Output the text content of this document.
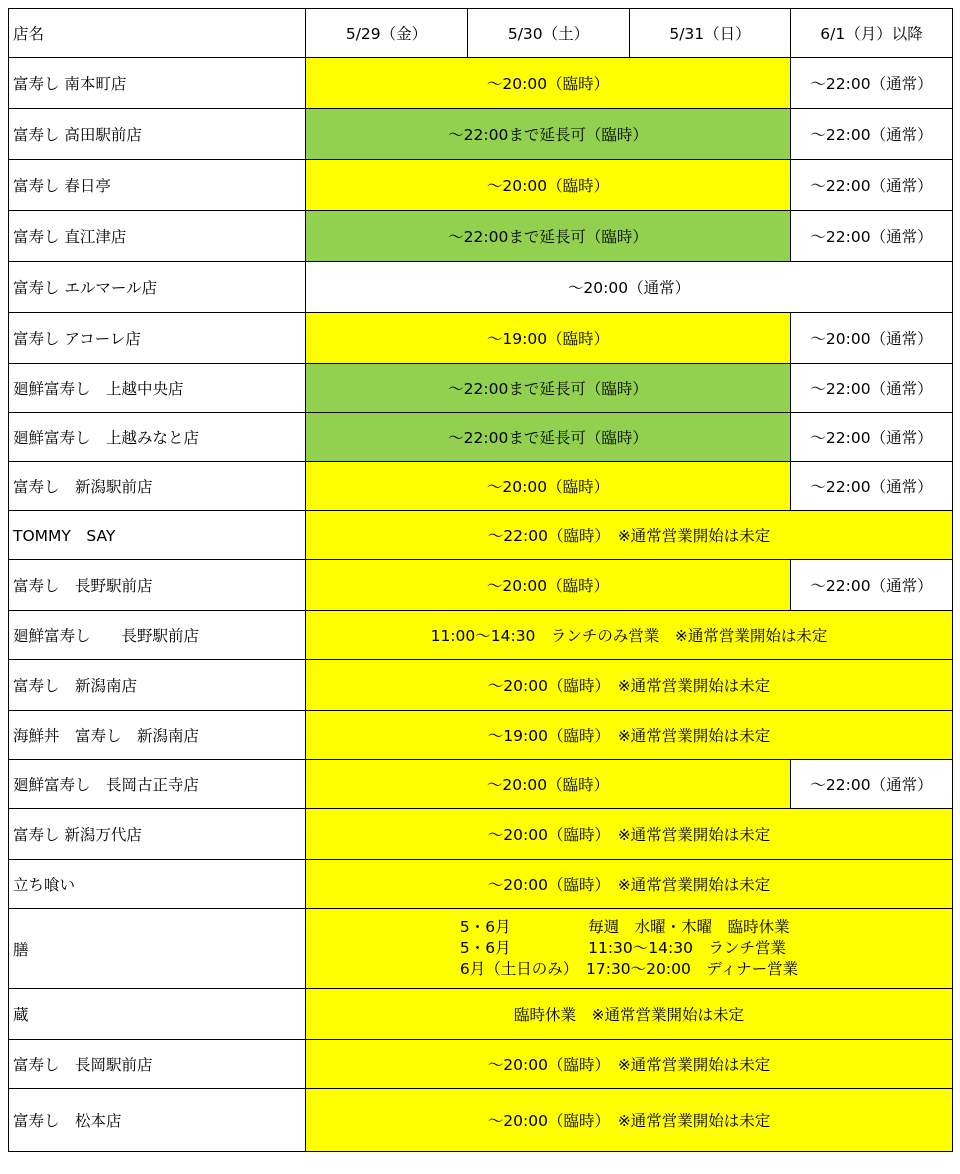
店名	5/29（金）	5/30（土）	5/31（日）	6/1（月）以降
富寿し 南本町店	～20:00（臨時）			～22:00（通常）
富寿し 高田駅前店	～22:00まで延長可（臨時）			～22:00（通常）
富寿し 春日亭	～20:00（臨時）			～22:00（通常）
富寿し 直江津店	～22:00まで延長可（臨時）			～22:00（通常）
富寿し エルマール店	～20:00（通常）			
富寿し アコーレ店	～19:00（臨時）			～20:00（通常）
廻鮮富寿し　上越中央店	～22:00まで延長可（臨時）			～22:00（通常）
廻鮮富寿し　上越みなと店	～22:00まで延長可（臨時）			～22:00（通常）
富寿し　新潟駅前店	～20:00（臨時）			～22:00（通常）
TOMMY　SAY	～22:00（臨時）　※通常営業開始は未定			
富寿し　長野駅前店	～20:00（臨時）			～22:00（通常）
廻鮮富寿し　　長野駅前店	11:00～14:30　ランチのみ営業　※通常営業開始は未定			
富寿し　新潟南店	～20:00（臨時）　※通常営業開始は未定			
海鮮丼　富寿し　新潟南店	～19:00（臨時）　※通常営業開始は未定			
廻鮮富寿し　長岡古正寺店	～20:00（臨時）			～22:00（通常）
富寿し 新潟万代店	～20:00（臨時）　※通常営業開始は未定			
立ち喰い	～20:00（臨時）　※通常営業開始は未定			
膳	5・6月　　　　　毎週　水曜・木曜　臨時休業
5・6月　　　　　11:30～14:30　ランチ営業
6月（土日のみ）　17:30～20:00　ディナー営業			

蔵	臨時休業　※通常営業開始は未定			
富寿し　長岡駅前店	～20:00（臨時）　※通常営業開始は未定			
富寿し　松本店	～20:00（臨時）　※通常営業開始は未定			
